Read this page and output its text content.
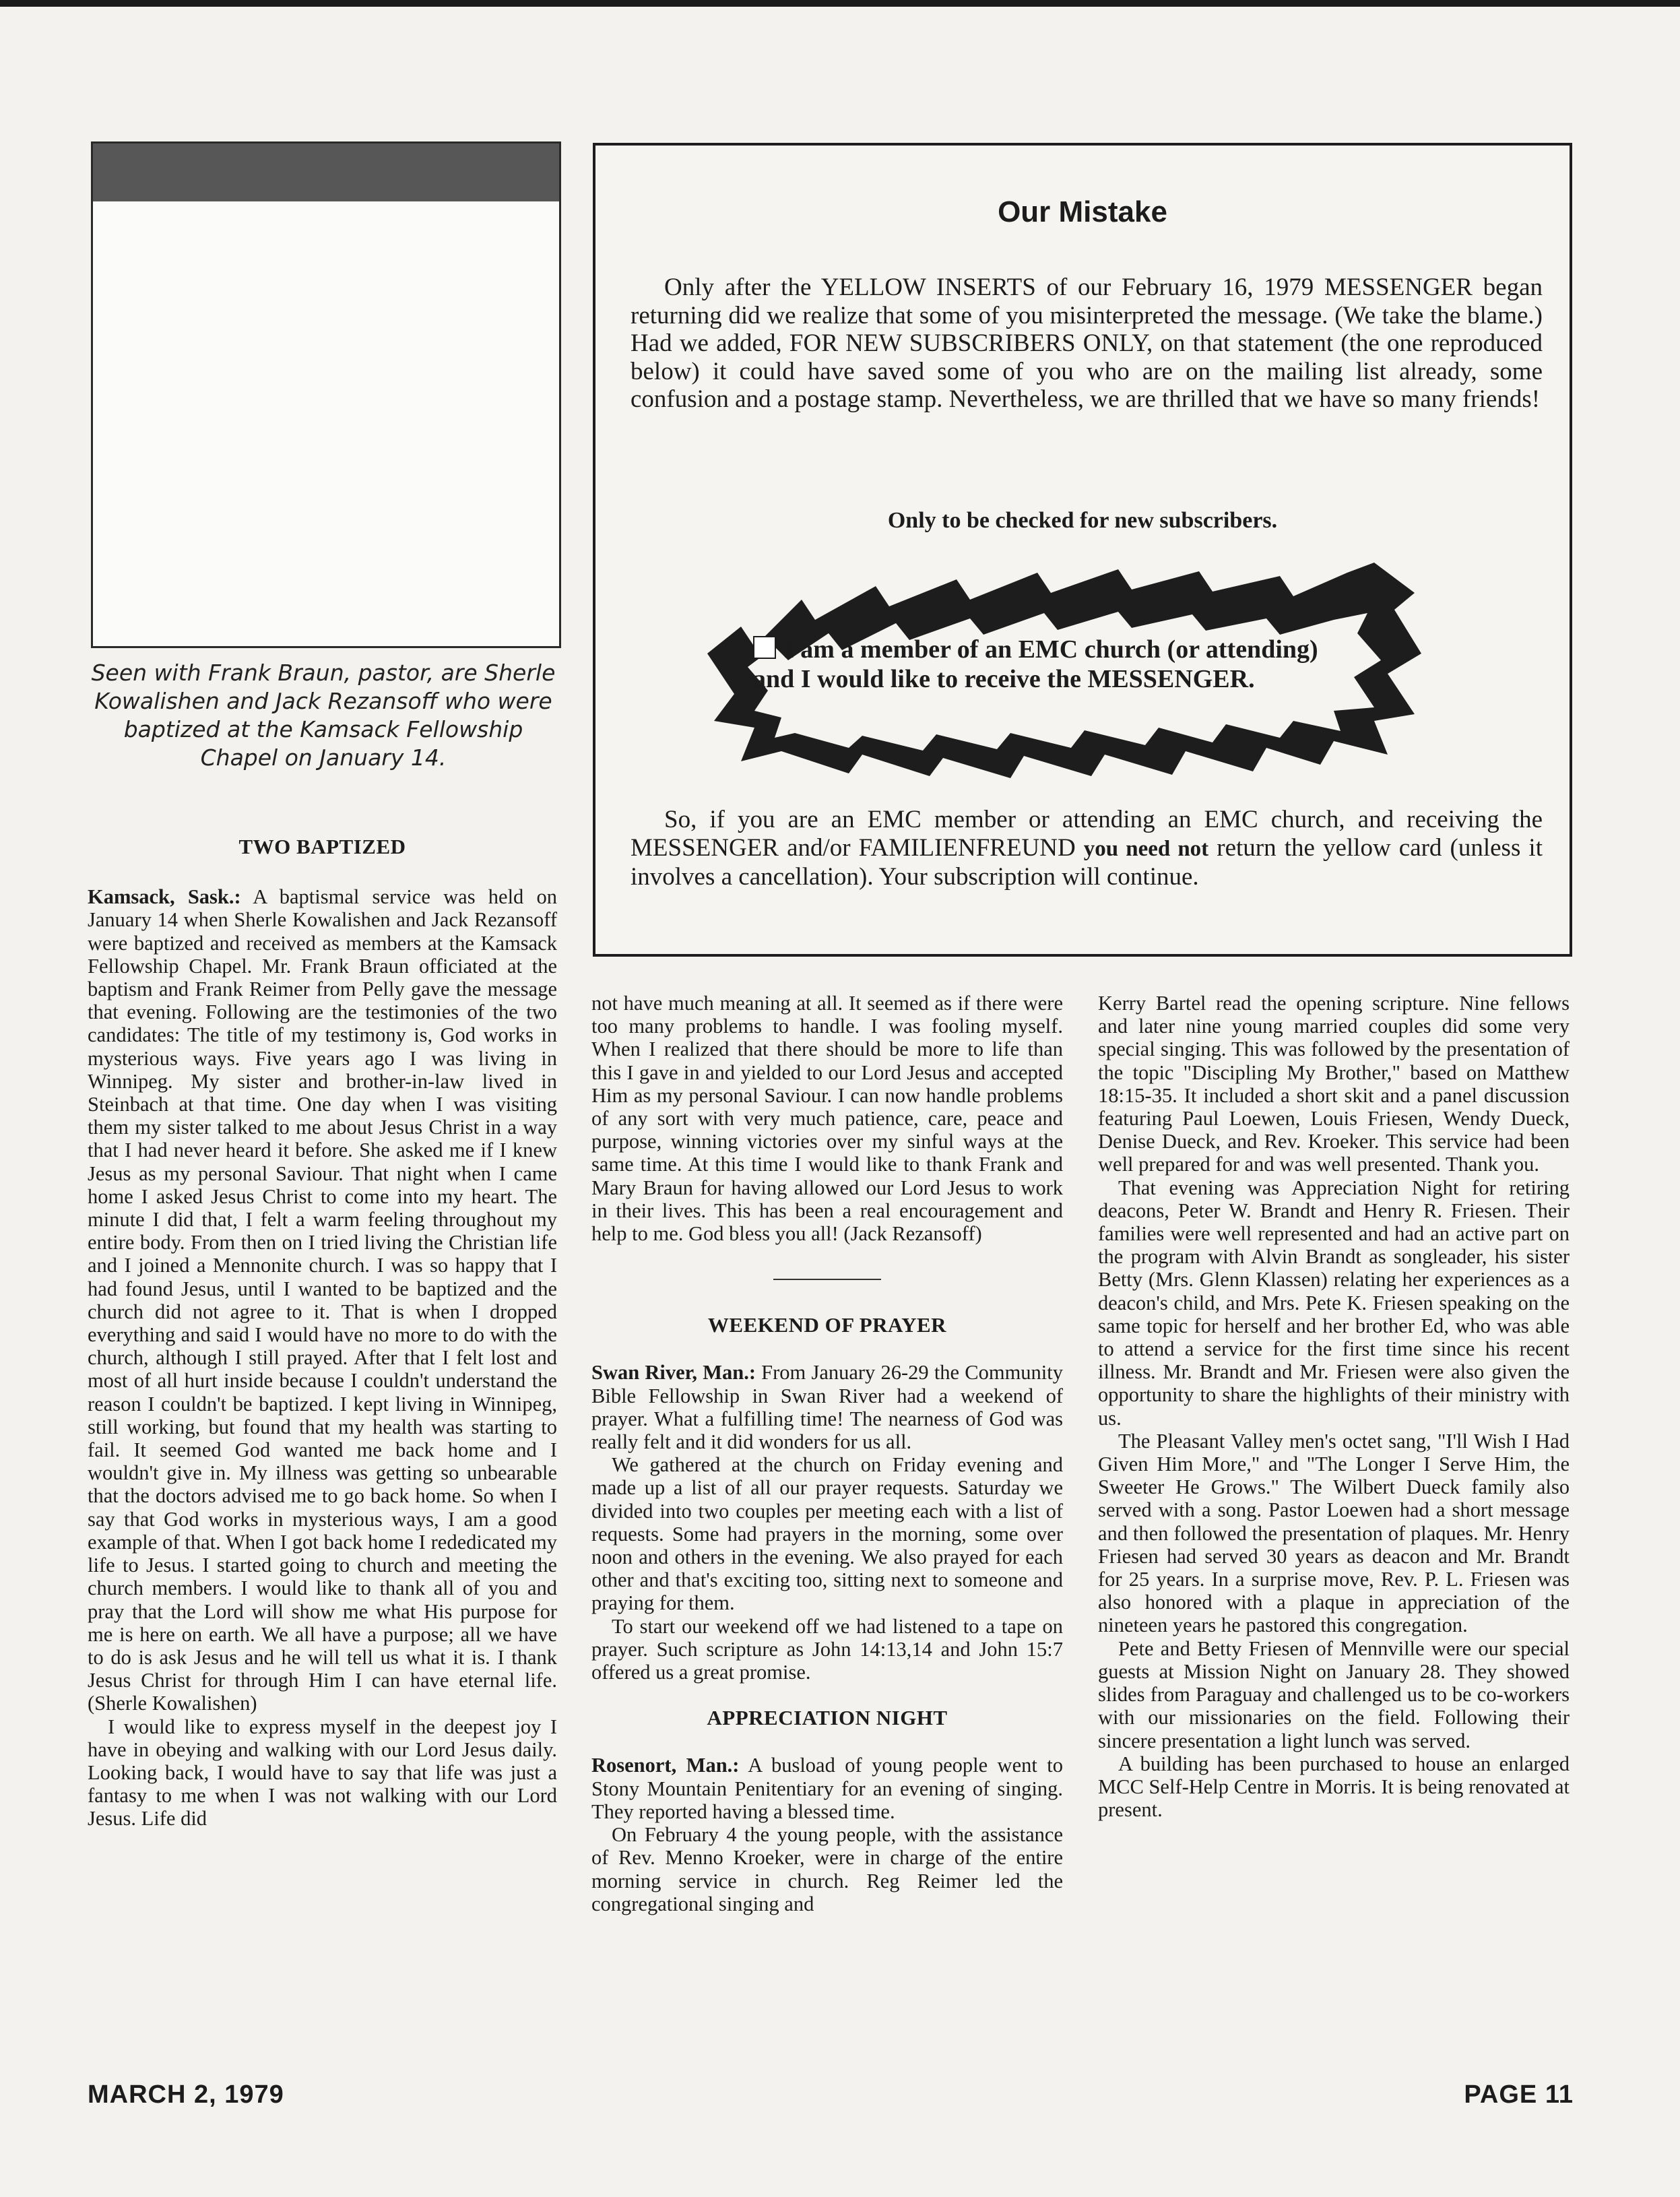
Seen with Frank Braun, pastor, are Sherle Kowalishen and Jack Rezansoff who were baptized at the Kamsack Fellowship Chapel on January 14.
Our Mistake

Only after the YELLOW INSERTS of our February 16, 1979 MESSENGER began returning did we realize that some of you misinterpreted the message. (We take the blame.) Had we added, FOR NEW SUBSCRIBERS ONLY, on that statement (the one reproduced below) it could have saved some of you who are on the mailing list already, some confusion and a postage stamp. Nevertheless, we are thrilled that we have so many friends!

Only to be checked for new subscribers.

So, if you are an EMC member or attending an EMC church, and receiving the MESSENGER and/or FAMILIENFREUND you need not return the yellow card (unless it involves a cancellation). Your subscription will continue.

I am a member of an EMC church (or attending) and I would like to receive the MESSENGER.

TWO BAPTIZED

Kamsack, Sask.: A baptismal service was held on January 14 when Sherle Kowalishen and Jack Rezansoff were baptized and received as members at the Kamsack Fellowship Chapel. Mr. Frank Braun officiated at the baptism and Frank Reimer from Pelly gave the message that evening. Following are the testimonies of the two candidates: The title of my testimony is, God works in mysterious ways. Five years ago I was living in Winnipeg. My sister and brother-in-law lived in Steinbach at that time. One day when I was visiting them my sister talked to me about Jesus Christ in a way that I had never heard it before. She asked me if I knew Jesus as my personal Saviour. That night when I came home I asked Jesus Christ to come into my heart. The minute I did that, I felt a warm feeling throughout my entire body. From then on I tried living the Christian life and I joined a Mennonite church. I was so happy that I had found Jesus, until I wanted to be baptized and the church did not agree to it. That is when I dropped everything and said I would have no more to do with the church, although I still prayed. After that I felt lost and most of all hurt inside because I couldn't understand the reason I couldn't be baptized. I kept living in Winnipeg, still working, but found that my health was starting to fail. It seemed God wanted me back home and I wouldn't give in. My illness was getting so unbearable that the doctors advised me to go back home. So when I say that God works in mysterious ways, I am a good example of that. When I got back home I rededicated my life to Jesus. I started going to church and meeting the church members. I would like to thank all of you and pray that the Lord will show me what His purpose for me is here on earth. We all have a purpose; all we have to do is ask Jesus and he will tell us what it is. I thank Jesus Christ for through Him I can have eternal life. (Sherle Kowalishen)

I would like to express myself in the deepest joy I have in obeying and walking with our Lord Jesus daily. Looking back, I would have to say that life was just a fantasy to me when I was not walking with our Lord Jesus. Life did

not have much meaning at all. It seemed as if there were too many problems to handle. I was fooling myself. When I realized that there should be more to life than this I gave in and yielded to our Lord Jesus and accepted Him as my personal Saviour. I can now handle problems of any sort with very much patience, care, peace and purpose, winning victories over my sinful ways at the same time. At this time I would like to thank Frank and Mary Braun for having allowed our Lord Jesus to work in their lives. This has been a real encouragement and help to me. God bless you all! (Jack Rezansoff)

WEEKEND OF PRAYER

Swan River, Man.: From January 26-29 the Community Bible Fellowship in Swan River had a weekend of prayer. What a fulfilling time! The nearness of God was really felt and it did wonders for us all.

We gathered at the church on Friday evening and made up a list of all our prayer requests. Saturday we divided into two couples per meeting each with a list of requests. Some had prayers in the morning, some over noon and others in the evening. We also prayed for each other and that's exciting too, sitting next to someone and praying for them.

To start our weekend off we had listened to a tape on prayer. Such scripture as John 14:13,14 and John 15:7 offered us a great promise.

APPRECIATION NIGHT

Rosenort, Man.: A busload of young people went to Stony Mountain Penitentiary for an evening of singing. They reported having a blessed time.

On February 4 the young people, with the assistance of Rev. Menno Kroeker, were in charge of the entire morning service in church. Reg Reimer led the congregational singing and

Kerry Bartel read the opening scripture. Nine fellows and later nine young married couples did some very special singing. This was followed by the presentation of the topic "Discipling My Brother," based on Matthew 18:15-35. It included a short skit and a panel discussion featuring Paul Loewen, Louis Friesen, Wendy Dueck, Denise Dueck, and Rev. Kroeker. This service had been well prepared for and was well presented. Thank you.

That evening was Appreciation Night for retiring deacons, Peter W. Brandt and Henry R. Friesen. Their families were well represented and had an active part on the program with Alvin Brandt as songleader, his sister Betty (Mrs. Glenn Klassen) relating her experiences as a deacon's child, and Mrs. Pete K. Friesen speaking on the same topic for herself and her brother Ed, who was able to attend a service for the first time since his recent illness. Mr. Brandt and Mr. Friesen were also given the opportunity to share the highlights of their ministry with us.

The Pleasant Valley men's octet sang, "I'll Wish I Had Given Him More," and "The Longer I Serve Him, the Sweeter He Grows." The Wilbert Dueck family also served with a song. Pastor Loewen had a short message and then followed the presentation of plaques. Mr. Henry Friesen had served 30 years as deacon and Mr. Brandt for 25 years. In a surprise move, Rev. P. L. Friesen was also honored with a plaque in appreciation of the nineteen years he pastored this congregation.

Pete and Betty Friesen of Mennville were our special guests at Mission Night on January 28. They showed slides from Paraguay and challenged us to be co-workers with our missionaries on the field. Following their sincere presentation a light lunch was served.

A building has been purchased to house an enlarged MCC Self-Help Centre in Morris. It is being renovated at present.

MARCH 2, 1979	PAGE 11
